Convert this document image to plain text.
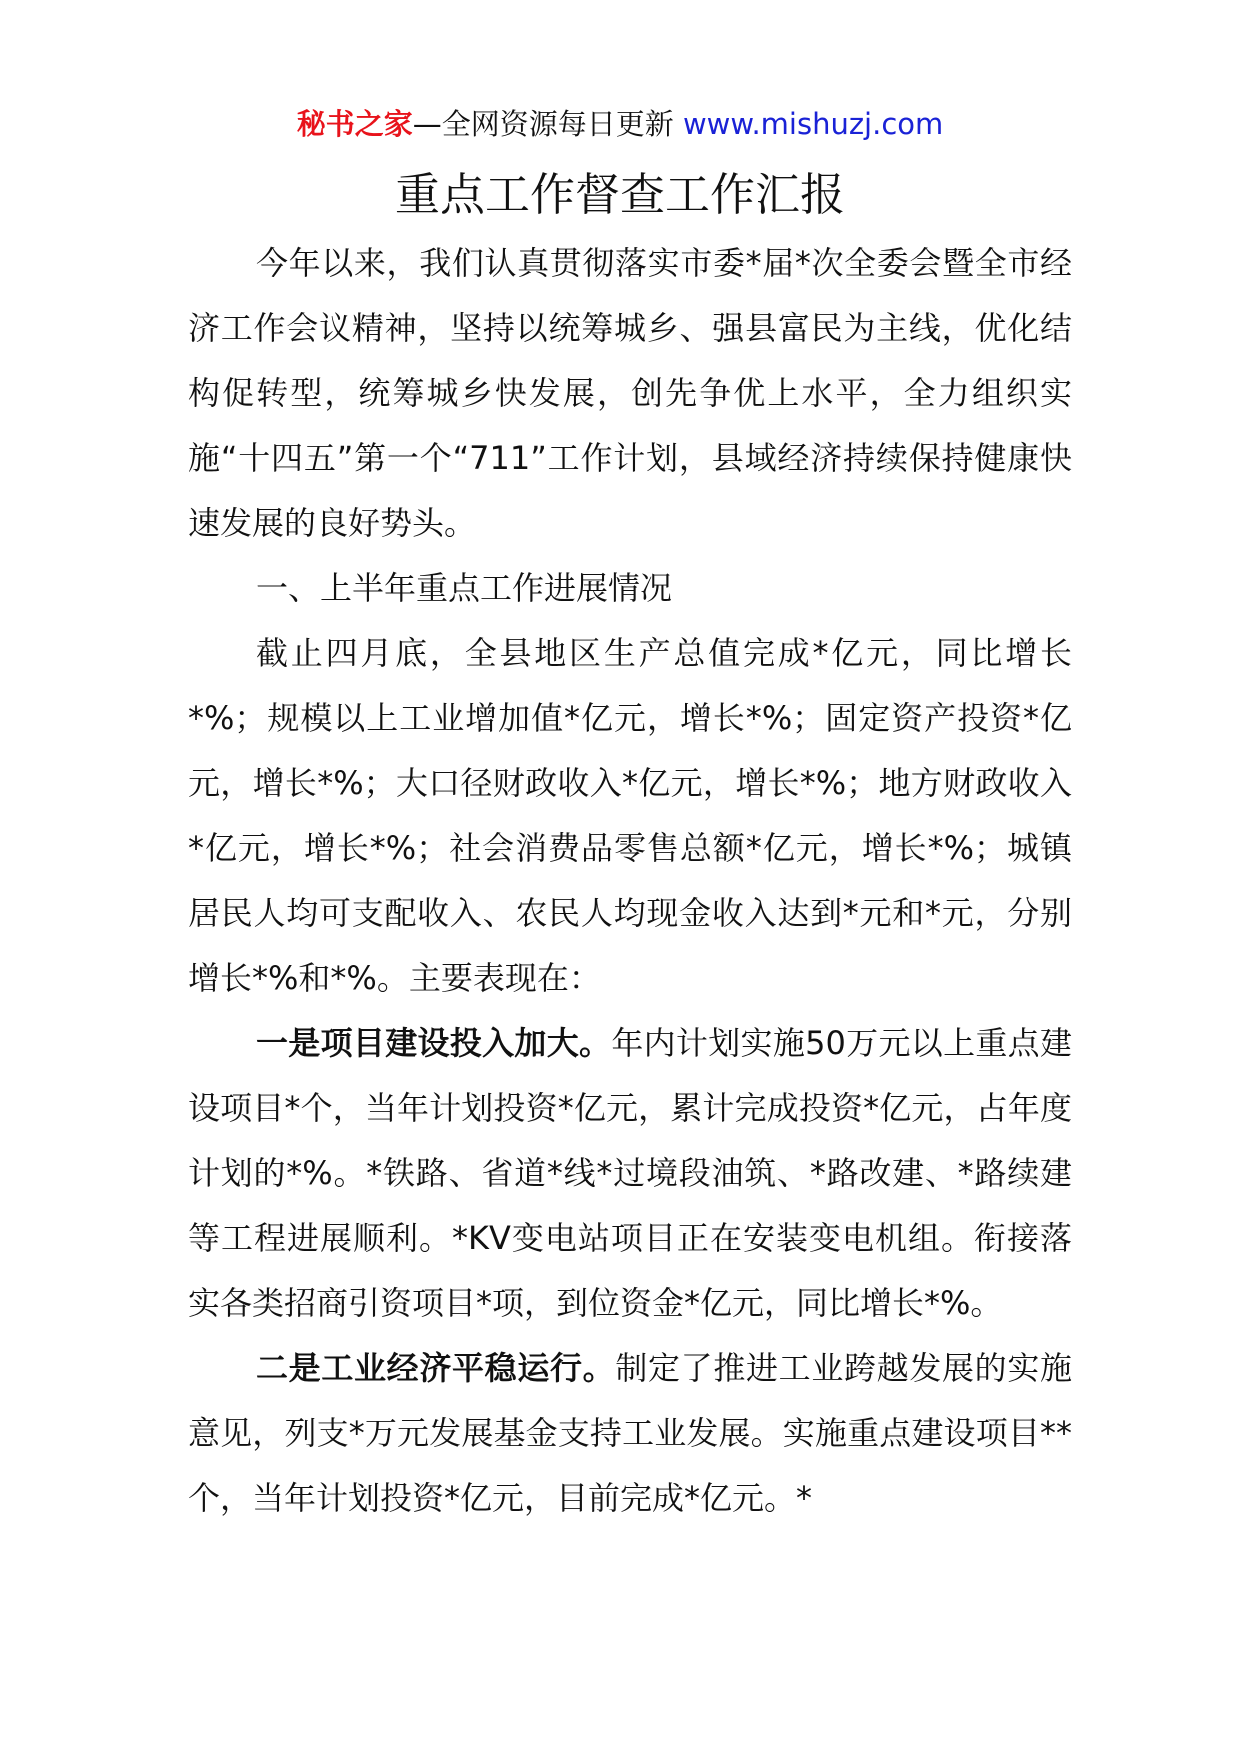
秘书之家—全网资源每日更新 www.mishuzj.com
重点工作督查工作汇报

今年以来，我们认真贯彻落实市委*届*次全委会暨全市经济工作会议精神，坚持以统筹城乡、强县富民为主线，优化结构促转型，统筹城乡快发展，创先争优上水平，全力组织实施“十四五”第一个“711”工作计划，县域经济持续保持健康快速发展的良好势头。

一、上半年重点工作进展情况

截止四月底，全县地区生产总值完成*亿元，同比增长*%；规模以上工业增加值*亿元，增长*%；固定资产投资*亿元，增长*%；大口径财政收入*亿元，增长*%；地方财政收入*亿元，增长*%；社会消费品零售总额*亿元，增长*%；城镇居民人均可支配收入、农民人均现金收入达到*元和*元，分别增长*%和*%。主要表现在：

一是项目建设投入加大。年内计划实施50万元以上重点建设项目*个，当年计划投资*亿元，累计完成投资*亿元，占年度计划的*%。*铁路、省道*线*过境段油筑、*路改建、*路续建等工程进展顺利。*KV变电站项目正在安装变电机组。衔接落实各类招商引资项目*项，到位资金*亿元，同比增长*%。

二是工业经济平稳运行。制定了推进工业跨越发展的实施意见，列支*万元发展基金支持工业发展。实施重点建设项目**个，当年计划投资*亿元，目前完成*亿元。*
